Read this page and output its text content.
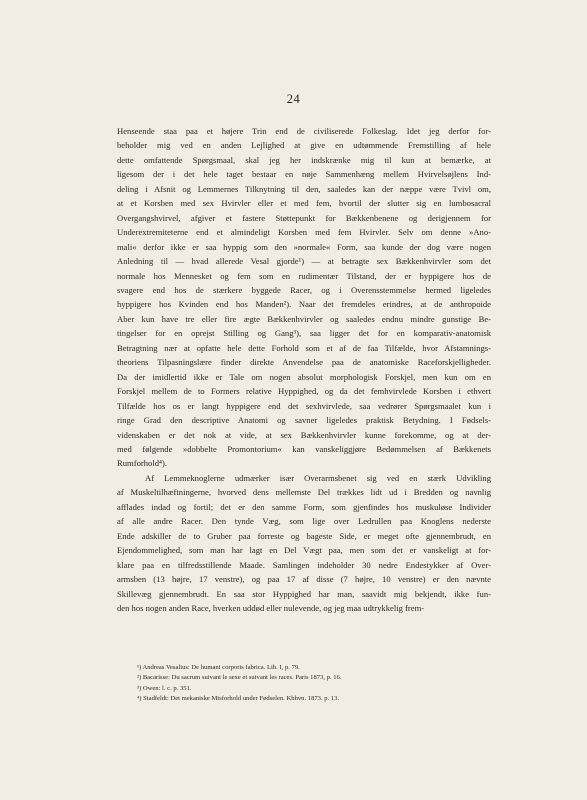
24
Henseende staa paa et højere Trin end de civiliserede Folkeslag. Idet jeg derfor for-
beholder mig ved en anden Lejlighed at give en udtømmende Fremstilling af hele
dette omfattende Spørgsmaal, skal jeg her indskrænke mig til kun at bemærke, at
ligesom der i det hele taget bestaar en nøje Sammenhæng mellem Hvirvelsøjlens Ind-
deling i Afsnit og Lemmernes Tilknytning til den, saaledes kan der næppe være Tvivl om,
at et Korsben med sex Hvirvler eller et med fem, hvortil der slutter sig en lumbosacral
Overgangshvirvel, afgiver et fastere Støttepunkt for Bækkenbenene og derigjennem for
Underextremiteterne end et almindeligt Korsben med fem Hvirvler. Selv om denne »Ano-
mali« derfor ikke er saa hyppig som den »normale« Form, saa kunde der dog være nogen
Anledning til — hvad allerede Vesal gjorde¹) — at betragte sex Bækkenhvirvler som det
normale hos Mennesket og fem som en rudimentær Tilstand, der er hyppigere hos de
svagere end hos de stærkere byggede Racer, og i Overensstemmelse hermed ligeledes
hyppigere hos Kvinden end hos Manden²). Naar det fremdeles erindres, at de anthropoide
Aber kun have tre eller fire ægte Bækkenhvirvler og saaledes endnu mindre gunstige Be-
tingelser for en oprejst Stilling og Gang³), saa ligger det for en komparativ-anatomisk
Betragtning nær at opfatte hele dette Forhold som et af de faa Tilfælde, hvor Afstamnings-
theoriens Tilpasningslære finder direkte Anvendelse paa de anatomiske Raceforskjelligheder.
Da der imidlertid ikke er Tale om nogen absolut morphologisk Forskjel, men kun om en
Forskjel mellem de to Formers relative Hyppighed, og da det femhvirvlede Korsben i ethvert
Tilfælde hos os er langt hyppigere end det sexhvirvlede, saa vedrører Spørgsmaalet kun i
ringe Grad den descriptive Anatomi og savner ligeledes praktisk Betydning. I Fødsels-
videnskaben er det nok at vide, at sex Bækkenhvirvler kunne forekomme, og at der-
med følgende »dobbelte Promontorium« kan vanskeliggjøre Bedømmelsen af Bækkenets
Rumforhold⁴).
Af Lemmeknoglerne udmærker især Overarmsbenet sig ved en stærk Udvikling
af Muskeltilhæftningerne, hvorved dens mellemste Del trækkes lidt ud i Bredden og navnlig
afflades indad og fortil; det er den samme Form, som gjenfindes hos muskuløse Individer
af alle andre Racer. Den tynde Væg, som lige over Ledrullen paa Knoglens nederste
Ende adskiller de to Gruber paa forreste og bageste Side, er meget ofte gjennembrudt, en
Ejendommelighed, som man har lagt en Del Vægt paa, men som det er vanskeligt at for-
klare paa en tilfredsstillende Maade. Samlingen indeholder 30 nedre Endestykker af Over-
armsben (13 højre, 17 venstre), og paa 17 af disse (7 højre, 10 venstre) er den nævnte
Skillevæg gjennembrudt. En saa stor Hyppighed har man, saavidt mig bekjendt, ikke fun-
den hos nogen anden Race, hverken uddød eller nulevende, og jeg maa udtrykkelig frem-
¹) Andreas Vesalius: De humani corporis fabrica. Lib. I, p. 79.
²) Bacarisse: Du sacrum suivant le sexe et suivant les races. Paris 1873, p. 16.
³) Owen: l. c. p. 351.
⁴) Stadfeldt: Det mekaniske Misforhold under Fødselen. Kbhvn. 1873. p. 13.
